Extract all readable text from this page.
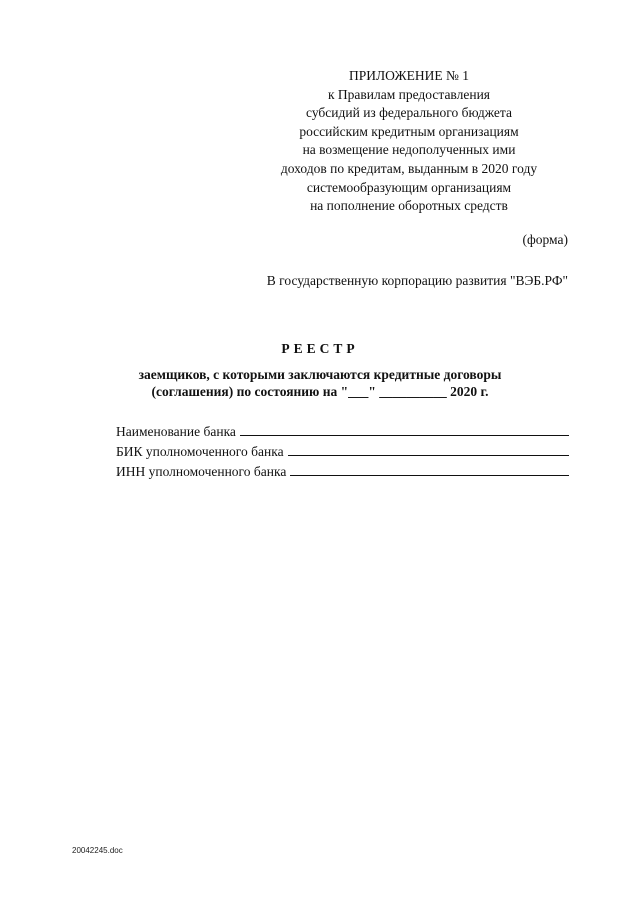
ПРИЛОЖЕНИЕ № 1
к Правилам предоставления
субсидий из федерального бюджета
российским кредитным организациям
на возмещение недополученных ими
доходов по кредитам, выданным в 2020 году
системообразующим организациям
на пополнение оборотных средств
(форма)
В государственную корпорацию развития "ВЭБ.РФ"
РЕЕСТР
заемщиков, с которыми заключаются кредитные договоры
(соглашения) по состоянию на "___" __________ 2020 г.
Наименование банка
БИК уполномоченного банка
ИНН уполномоченного банка
20042245.doc
